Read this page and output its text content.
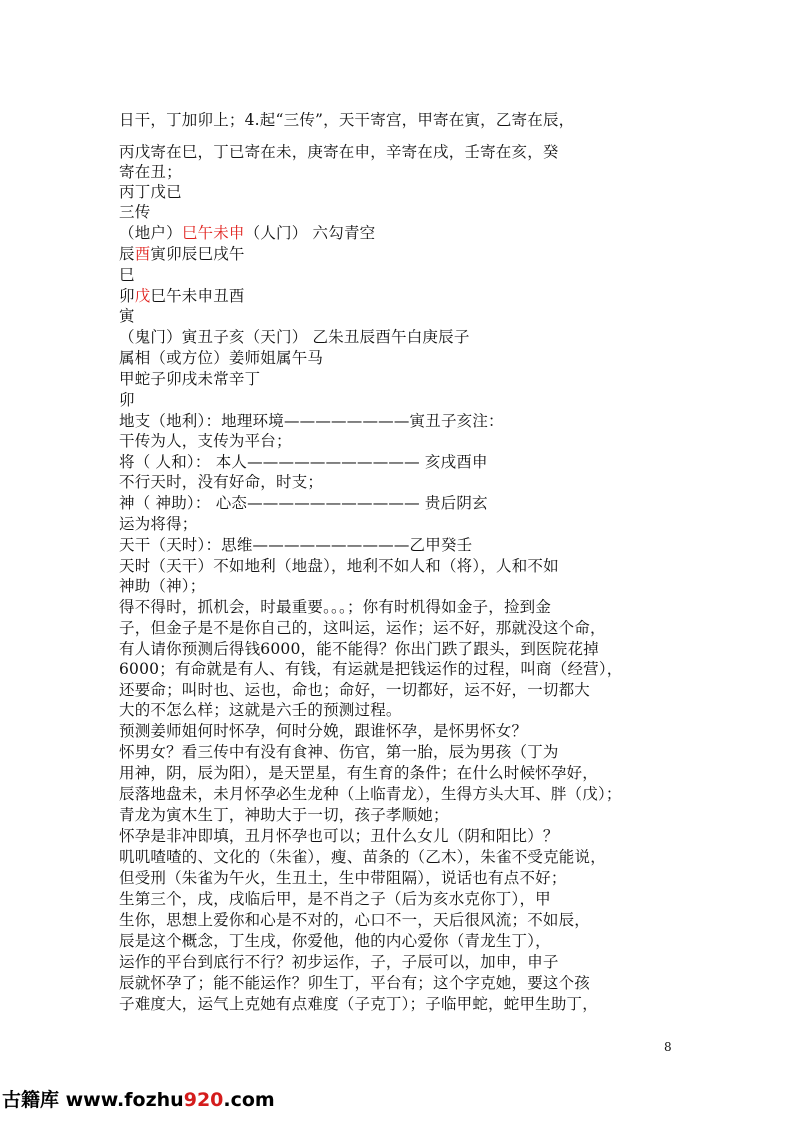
日干，丁加卯上；4.起“三传”，天干寄宫，甲寄在寅，乙寄在辰，
丙戊寄在巳，丁已寄在未，庚寄在申，辛寄在戌，壬寄在亥，癸
寄在丑；
丙丁戊已
三传
（地户）巳午未申（人门） 六勾青空
辰酉寅卯辰巳戌午
巳
卯戊巳午未申丑酉
寅
（鬼门）寅丑子亥（天门） 乙朱丑辰酉午白庚辰子
属相（或方位）姜师姐属午马
甲蛇子卯戌未常辛丁
卯
地支（地利）：地理环境————————寅丑子亥注：
干传为人，支传为平台；
将（ 人和）： 本人——————————— 亥戌酉申
不行天时，没有好命，时支；
神（ 神助）： 心态——————————— 贵后阴玄
运为将得；
天干（天时）：思维——————————乙甲癸壬
天时（天干）不如地利（地盘），地利不如人和（将），人和不如
神助（神）；
得不得时，抓机会，时最重要。。。；你有时机得如金子，捡到金
子，但金子是不是你自己的，这叫运，运作；运不好，那就没这个命，
有人请你预测后得钱6000，能不能得？你出门跌了跟头，到医院花掉
6000；有命就是有人、有钱，有运就是把钱运作的过程，叫商（经营），
还要命；叫时也、运也，命也；命好，一切都好，运不好，一切都大
大的不怎么样；这就是六壬的预测过程。
预测姜师姐何时怀孕，何时分娩，跟谁怀孕，是怀男怀女？
怀男女？看三传中有没有食神、伤官，第一胎，辰为男孩（丁为
用神，阴，辰为阳），是天罡星，有生育的条件；在什么时候怀孕好，
辰落地盘未，未月怀孕必生龙种（上临青龙），生得方头大耳、胖（戊）；
青龙为寅木生丁，神助大于一切，孩子孝顺她；
怀孕是非冲即填，丑月怀孕也可以；丑什么女儿（阴和阳比）？
叽叽喳喳的、文化的（朱雀），瘦、苗条的（乙木），朱雀不受克能说，
但受刑（朱雀为午火，生丑土，生中带阻隔），说话也有点不好；
生第三个，戌，戌临后甲，是不肖之子（后为亥水克你丁），甲
生你，思想上爱你和心是不对的，心口不一，天后很风流；不如辰，
辰是这个概念，丁生戌，你爱他，他的内心爱你（青龙生丁），
运作的平台到底行不行？初步运作，子，子辰可以，加申，申子
辰就怀孕了；能不能运作？卯生丁，平台有；这个字克她，要这个孩
子难度大，运气上克她有点难度（子克丁）；子临甲蛇，蛇甲生助丁，
8
古籍库 www.fozhu920.com
